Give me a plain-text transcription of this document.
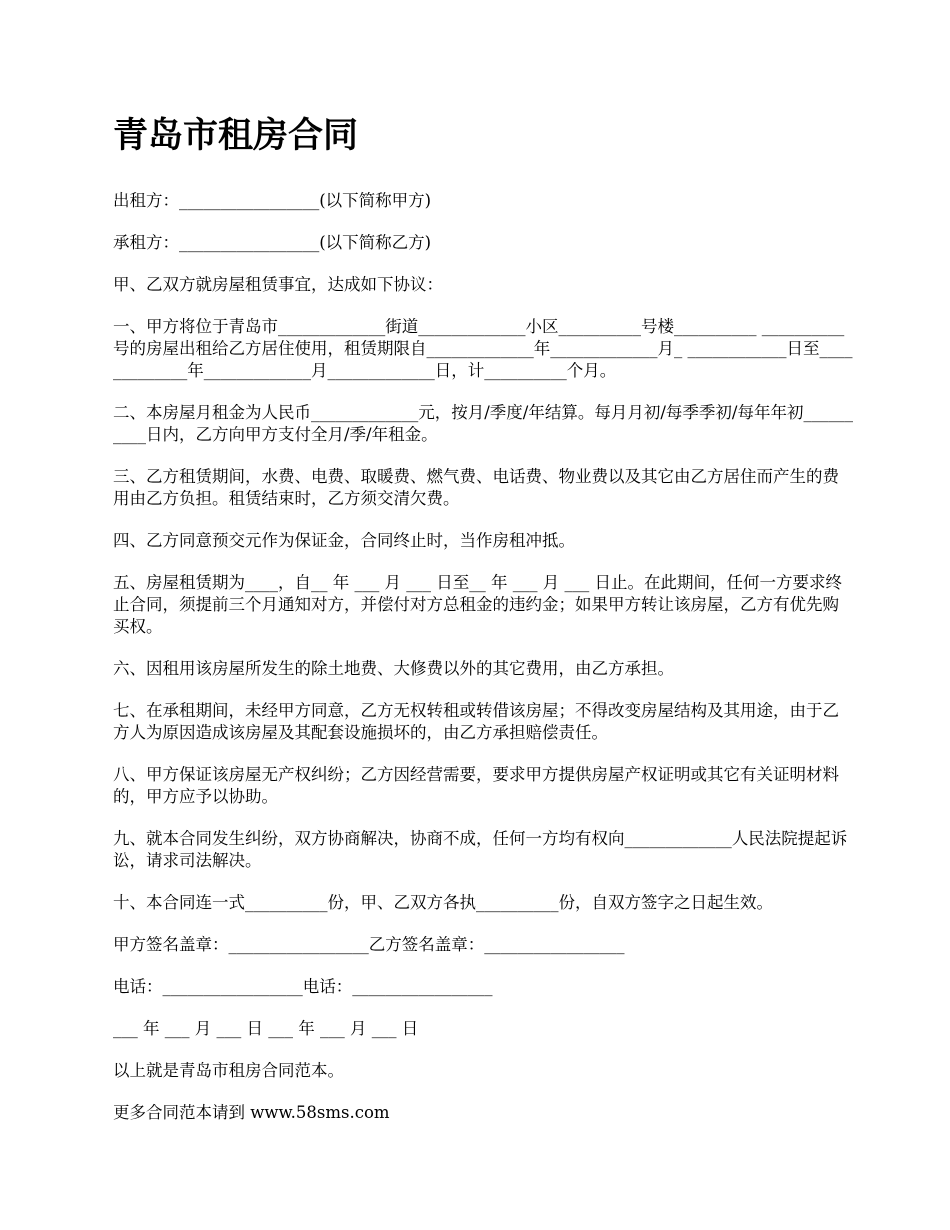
青岛市租房合同

出租方：_________________(以下简称甲方)

承租方：_________________(以下简称乙方)

甲、乙双方就房屋租赁事宜，达成如下协议：

一、甲方将位于青岛市_____________街道_____________小区__________号楼__________ __________号的房屋出租给乙方居住使用，租赁期限自_____________年_____________月_ ____________日至_____________年_____________月_____________日，计__________个月。

二、本房屋月租金为人民币_____________元，按月/季度/年结算。每月月初/每季季初/每年年初__________日内，乙方向甲方支付全月/季/年租金。

三、乙方租赁期间，水费、电费、取暖费、燃气费、电话费、物业费以及其它由乙方居住而产生的费用由乙方负担。租赁结束时，乙方须交清欠费。

四、乙方同意预交元作为保证金，合同终止时，当作房租冲抵。

五、房屋租赁期为____，自__ 年 ___ 月 ___ 日至__ 年 ___ 月 ___ 日止。在此期间，任何一方要求终止合同，须提前三个月通知对方，并偿付对方总租金的违约金；如果甲方转让该房屋，乙方有优先购买权。

六、因租用该房屋所发生的除土地费、大修费以外的其它费用，由乙方承担。

七、在承租期间，未经甲方同意，乙方无权转租或转借该房屋；不得改变房屋结构及其用途，由于乙方人为原因造成该房屋及其配套设施损坏的，由乙方承担赔偿责任。

八、甲方保证该房屋无产权纠纷；乙方因经营需要，要求甲方提供房屋产权证明或其它有关证明材料的，甲方应予以协助。

九、就本合同发生纠纷，双方协商解决，协商不成，任何一方均有权向_____________人民法院提起诉讼，请求司法解决。

十、本合同连一式__________份，甲、乙双方各执__________份，自双方签字之日起生效。

甲方签名盖章：_________________乙方签名盖章：_________________

电话：_________________电话：_________________

___ 年 ___ 月 ___ 日 ___ 年 ___ 月 ___ 日

以上就是青岛市租房合同范本。

更多合同范本请到 www.58sms.com
